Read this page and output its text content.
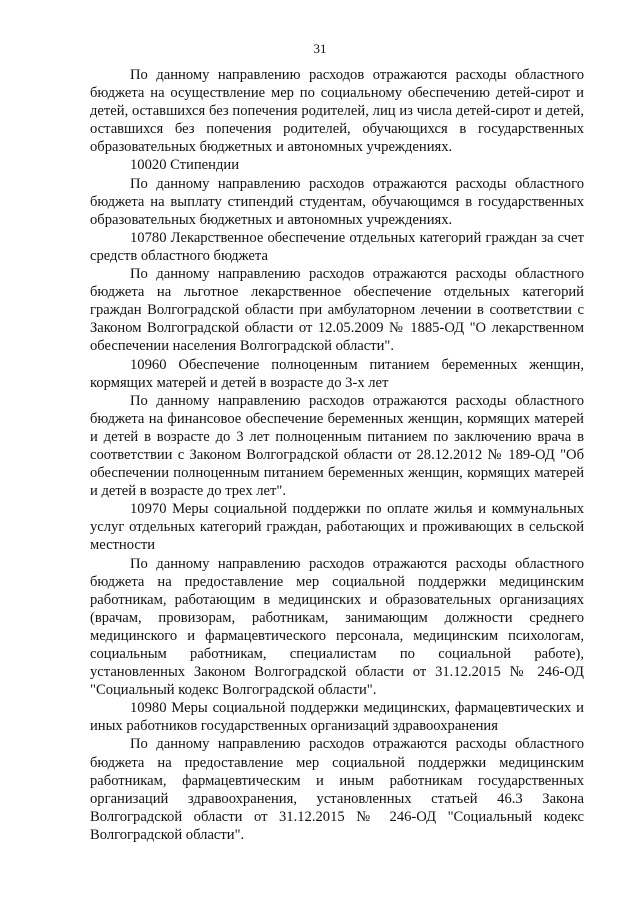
31

По данному направлению расходов отражаются расходы областного бюджета на осуществление мер по социальному обеспечению детей-сирот и детей, оставшихся без попечения родителей, лиц из числа детей-сирот и детей, оставшихся без попечения родителей, обучающихся в государственных образовательных бюджетных и автономных учреждениях.

10020 Стипендии

По данному направлению расходов отражаются расходы областного бюджета на выплату стипендий студентам, обучающимся в государственных образовательных бюджетных и автономных учреждениях.

10780 Лекарственное обеспечение отдельных категорий граждан за счет средств областного бюджета

По данному направлению расходов отражаются расходы областного бюджета на льготное лекарственное обеспечение отдельных категорий граждан Волгоградской области при амбулаторном лечении в соответствии с Законом Волгоградской области от 12.05.2009 № 1885-ОД "О лекарственном обеспечении населения Волгоградской области".

10960 Обеспечение полноценным питанием беременных женщин, кормящих матерей и детей в возрасте до 3-х лет

По данному направлению расходов отражаются расходы областного бюджета на финансовое обеспечение беременных женщин, кормящих матерей и детей в возрасте до 3 лет полноценным питанием по заключению врача в соответствии с Законом Волгоградской области от 28.12.2012 № 189-ОД "Об обеспечении полноценным питанием беременных женщин, кормящих матерей и детей в возрасте до трех лет".

10970 Меры социальной поддержки по оплате жилья и коммунальных услуг отдельных категорий граждан, работающих и проживающих в сельской местности

По данному направлению расходов отражаются расходы областного бюджета на предоставление мер социальной поддержки медицинским работникам, работающим в медицинских и образовательных организациях (врачам, провизорам, работникам, занимающим должности среднего медицинского и фармацевтического персонала, медицинским психологам, социальным работникам, специалистам по социальной работе), установленных Законом Волгоградской области от 31.12.2015 № 246-ОД "Социальный кодекс Волгоградской области".

10980 Меры социальной поддержки медицинских, фармацевтических и иных работников государственных организаций здравоохранения

По данному направлению расходов отражаются расходы областного бюджета на предоставление мер социальной поддержки медицинским работникам, фармацевтическим и иным работникам государственных организаций здравоохранения, установленных статьей 46.3 Закона Волгоградской области от 31.12.2015 № 246-ОД "Социальный кодекс Волгоградской области".
